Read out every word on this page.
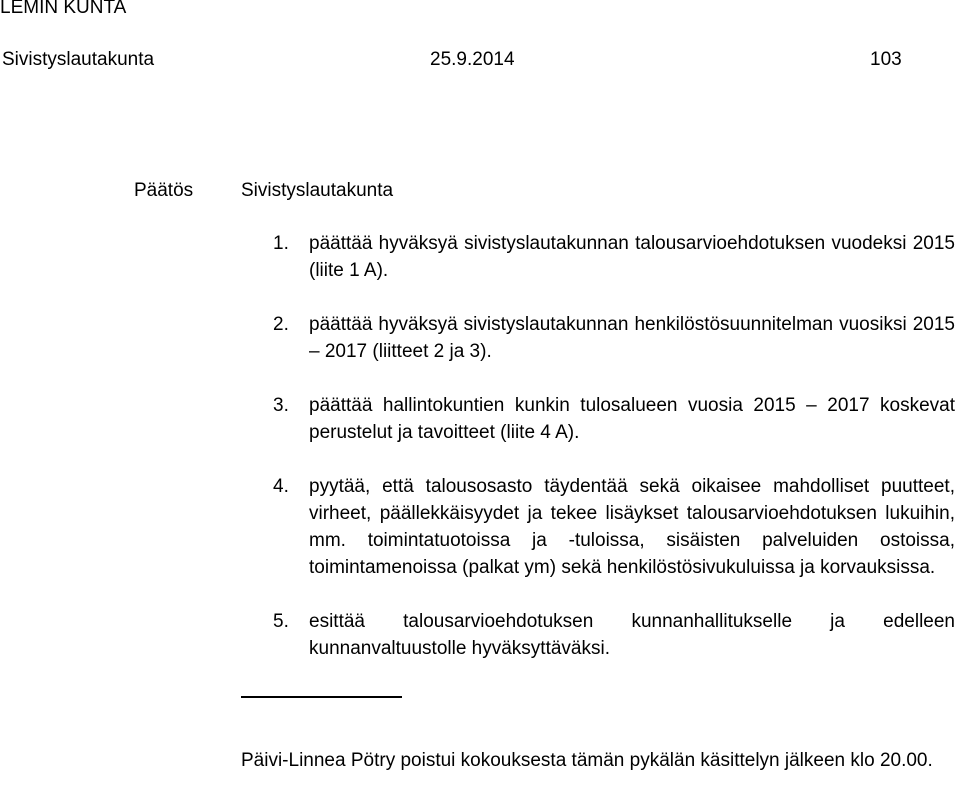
LEMIN KUNTA
Sivistyslautakunta	25.9.2014	103
Päätös	Sivistyslautakunta
1. päättää hyväksyä sivistyslautakunnan talousarvioehdotuksen vuodeksi 2015 (liite 1 A).
2. päättää hyväksyä sivistyslautakunnan henkilöstösuunnitelman vuosiksi 2015 – 2017 (liitteet 2 ja 3).
3. päättää hallintokuntien kunkin tulosalueen vuosia 2015 – 2017 koskevat perustelut ja tavoitteet (liite 4 A).
4. pyytää, että talousosasto täydentää sekä oikaisee mahdolliset puutteet, virheet, päällekkäisyydet ja tekee lisäykset talousarvioehdotuksen lukuihin, mm. toimintatuotoissa ja -tuloissa, sisäisten palveluiden ostoissa, toimintamenoissa (palkat ym) sekä henkilöstösivukuluissa ja korvauksissa.
5. esittää talousarvioehdotuksen kunnanhallitukselle ja edelleen kunnanvaltuustolle hyväksyttäväksi.
Päivi-Linnea Pötry poistui kokouksesta tämän pykälän käsittelyn jälkeen klo 20.00.
